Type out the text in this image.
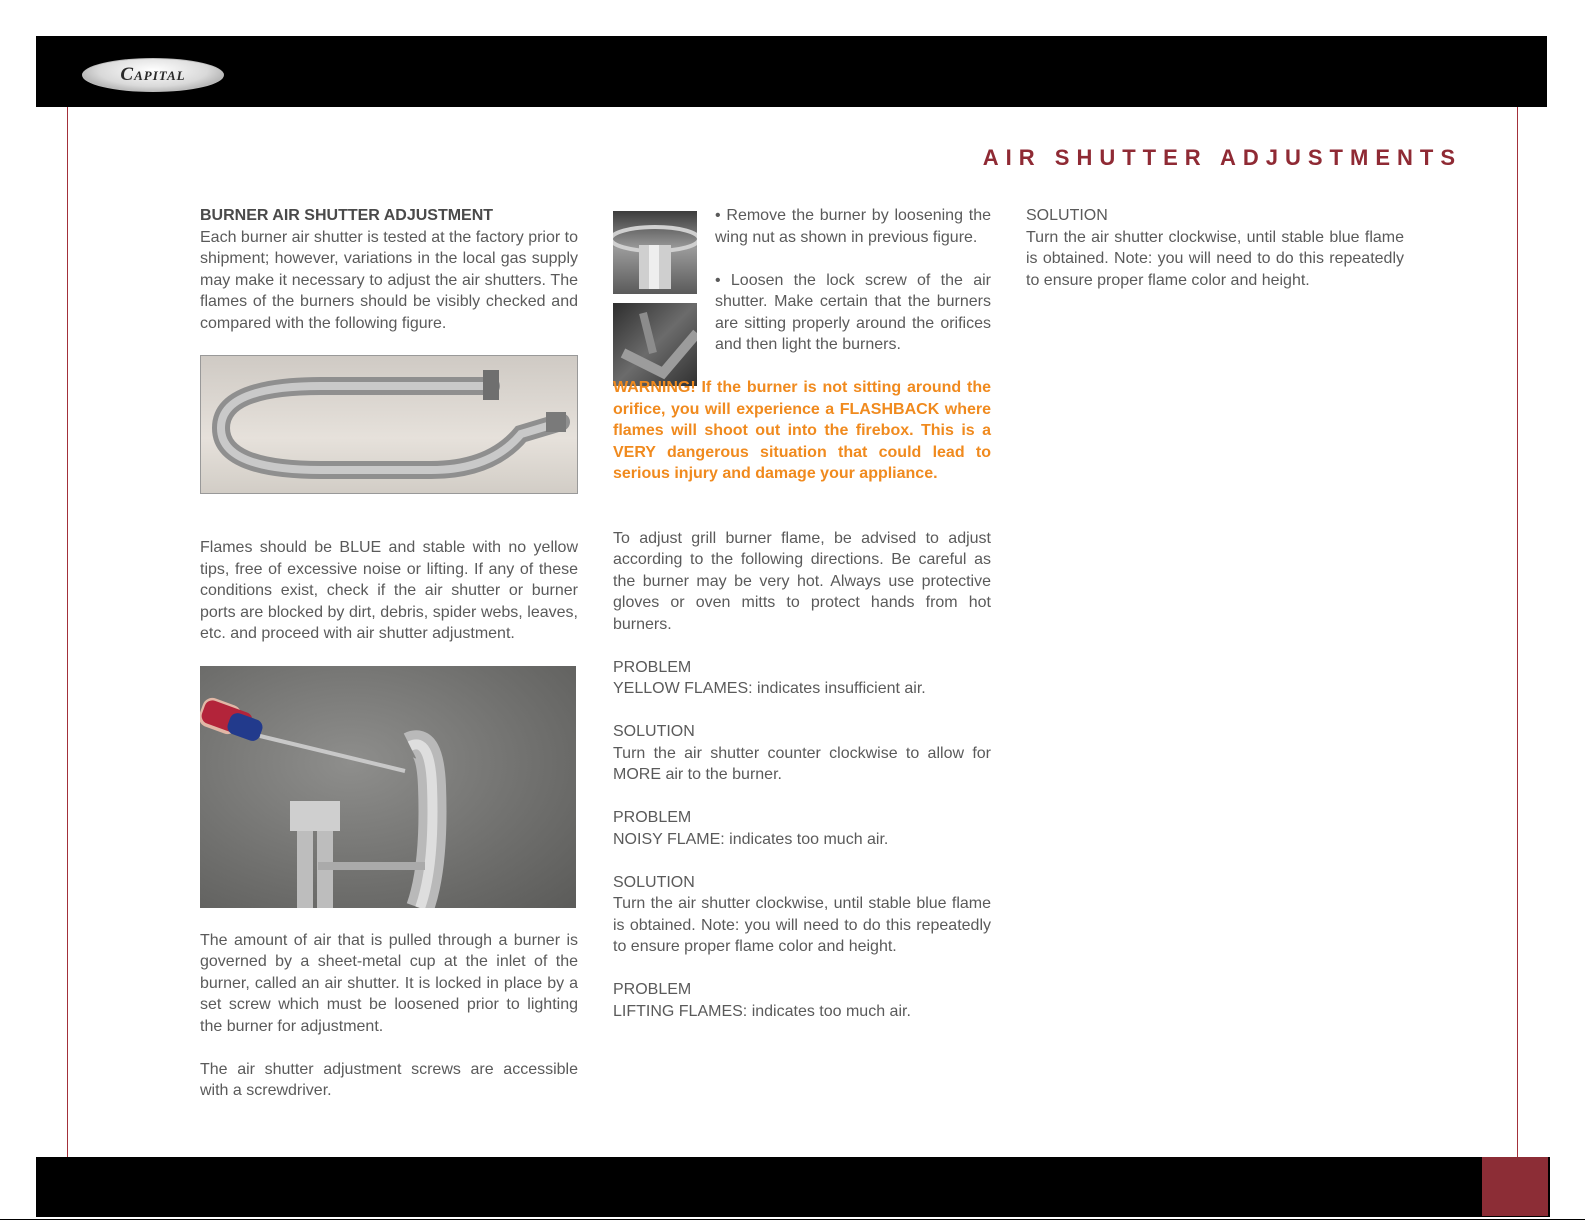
Capital
AIR SHUTTER ADJUSTMENTS

BURNER AIR SHUTTER ADJUSTMENT

Each burner air shutter is tested at the factory prior to shipment; however, variations in the local gas supply may make it necessary to adjust the air shutters. The flames of the burners should be visibly checked and compared with the following figure.

Flames should be BLUE and stable with no yellow tips, free of excessive noise or lifting. If any of these conditions exist, check if the air shutter or burner ports are blocked by dirt, debris, spider webs, leaves, etc. and proceed with air shutter adjustment.

The amount of air that is pulled through a burner is governed by a sheet-metal cup at the inlet of the burner, called an air shutter. It is locked in place by a set screw which must be loosened prior to lighting the burner for adjustment.

The air shutter adjustment screws are accessible with a screwdriver.

• Remove the burner by loosening the wing nut as shown in previous figure.

• Loosen the lock screw of the air shutter. Make certain that the burners are sitting properly around the orifices and then light the burners.

WARNING! If the burner is not sitting around the orifice, you will experience a FLASHBACK where flames will shoot out into the firebox. This is a VERY dangerous situation that could lead to serious injury and damage your appliance.

To adjust grill burner flame, be advised to adjust according to the following directions. Be careful as the burner may be very hot. Always use protective gloves or oven mitts to protect hands from hot burners.

PROBLEM

YELLOW FLAMES: indicates insufficient air.

SOLUTION

Turn the air shutter counter clockwise to allow for MORE air to the burner.

PROBLEM

NOISY FLAME: indicates too much air.

SOLUTION

Turn the air shutter clockwise, until stable blue flame is obtained. Note: you will need to do this repeatedly to ensure proper flame color and height.

PROBLEM

LIFTING FLAMES: indicates too much air.

SOLUTION

Turn the air shutter clockwise, until stable blue flame is obtained. Note: you will need to do this repeatedly to ensure proper flame color and height.
